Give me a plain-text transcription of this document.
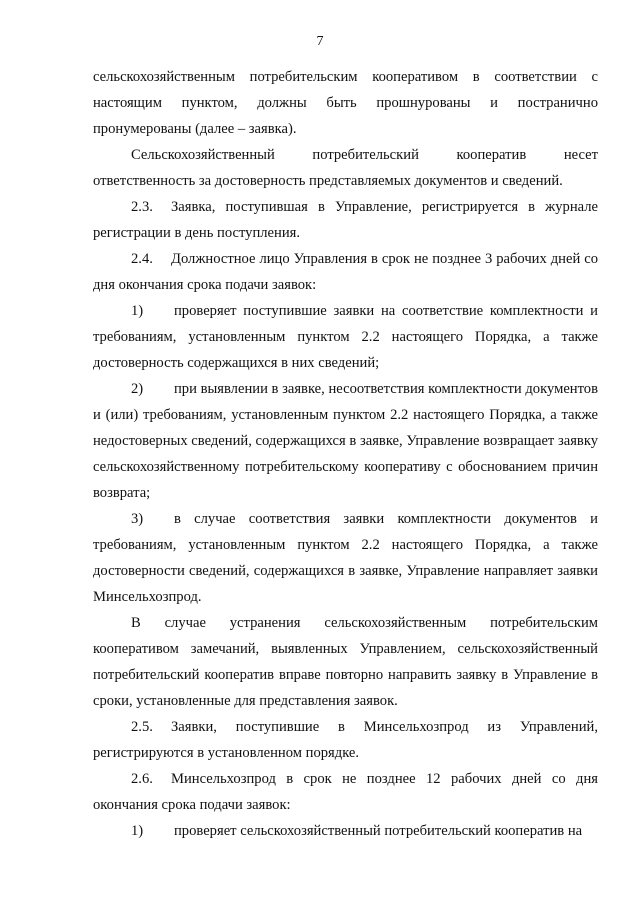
7

сельскохозяйственным потребительским кооперативом в соответствии с настоящим пунктом, должны быть прошнурованы и постранично пронумерованы (далее – заявка).

Сельскохозяйственный потребительский кооператив несет ответственность за достоверность представляемых документов и сведений.

2.3. Заявка, поступившая в Управление, регистрируется в журнале регистрации в день поступления.

2.4. Должностное лицо Управления в срок не позднее 3 рабочих дней со дня окончания срока подачи заявок:

1) проверяет поступившие заявки на соответствие комплектности и требованиям, установленным пунктом 2.2 настоящего Порядка, а также достоверность содержащихся в них сведений;

2) при выявлении в заявке, несоответствия комплектности документов и (или) требованиям, установленным пунктом 2.2 настоящего Порядка, а также недостоверных сведений, содержащихся в заявке, Управление возвращает заявку сельскохозяйственному потребительскому кооперативу с обоснованием причин возврата;

3) в случае соответствия заявки комплектности документов и требованиям, установленным пунктом 2.2 настоящего Порядка, а также достоверности сведений, содержащихся в заявке, Управление направляет заявки Минсельхозпрод.

В случае устранения сельскохозяйственным потребительским кооперативом замечаний, выявленных Управлением, сельскохозяйственный потребительский кооператив вправе повторно направить заявку в Управление в сроки, установленные для представления заявок.

2.5. Заявки, поступившие в Минсельхозпрод из Управлений, регистрируются в установленном порядке.

2.6. Минсельхозпрод в срок не позднее 12 рабочих дней со дня окончания срока подачи заявок:

1) проверяет сельскохозяйственный потребительский кооператив на
